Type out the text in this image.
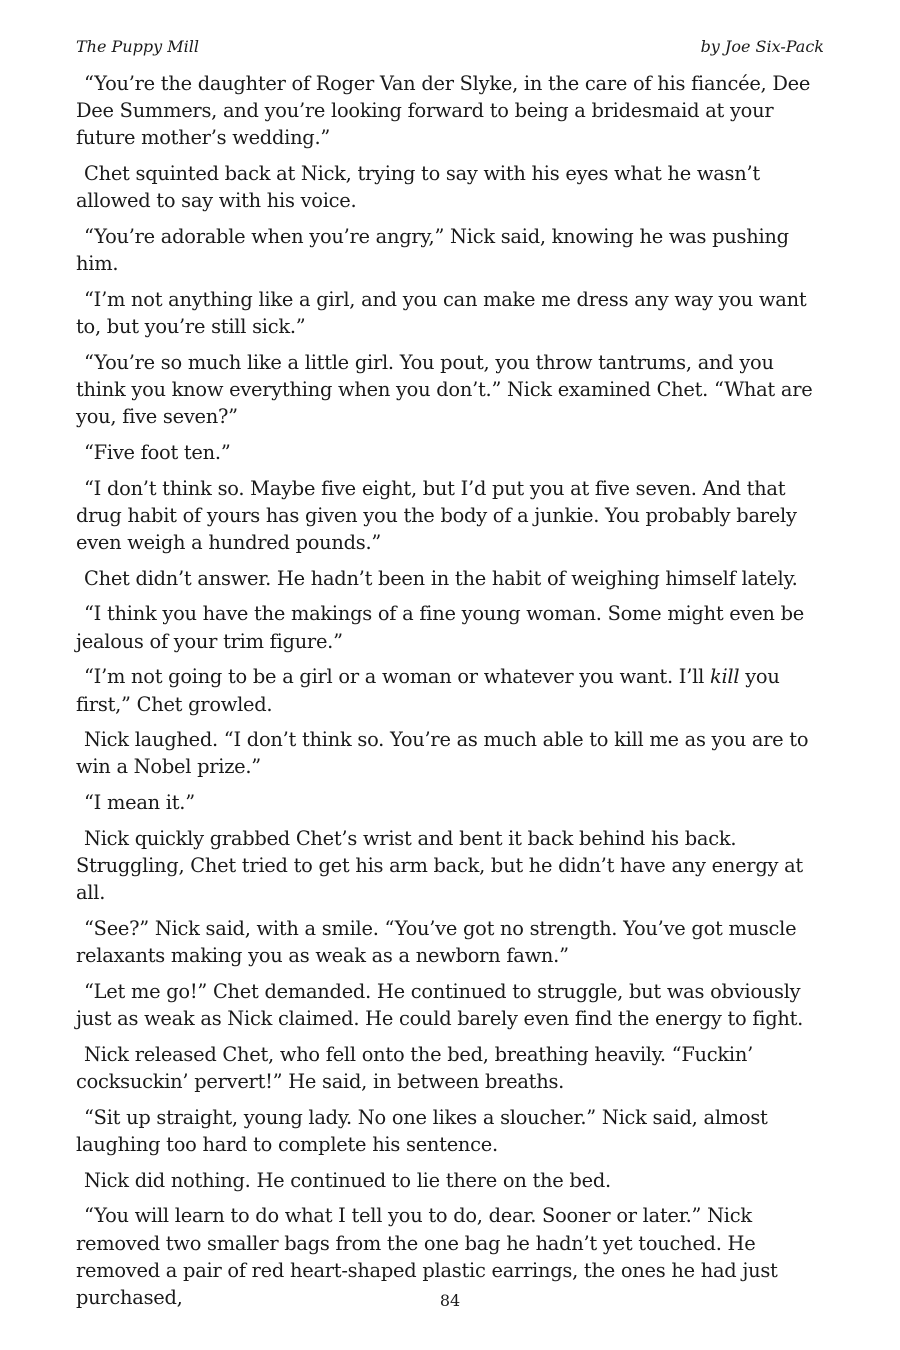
The Puppy Mill	by Joe Six-Pack

“You’re the daughter of Roger Van der Slyke, in the care of his fiancée, Dee Dee Summers, and you’re looking forward to being a bridesmaid at your future mother’s wedding.”

Chet squinted back at Nick, trying to say with his eyes what he wasn’t allowed to say with his voice.

“You’re adorable when you’re angry,” Nick said, knowing he was pushing him.

“I’m not anything like a girl, and you can make me dress any way you want to, but you’re still sick.”

“You’re so much like a little girl. You pout, you throw tantrums, and you think you know everything when you don’t.” Nick examined Chet. “What are you, five seven?”

“Five foot ten.”

“I don’t think so. Maybe five eight, but I’d put you at five seven. And that drug habit of yours has given you the body of a junkie. You probably barely even weigh a hundred pounds.”

Chet didn’t answer. He hadn’t been in the habit of weighing himself lately.

“I think you have the makings of a fine young woman. Some might even be jealous of your trim figure.”

“I’m not going to be a girl or a woman or whatever you want. I’ll kill you first,” Chet growled.

Nick laughed. “I don’t think so. You’re as much able to kill me as you are to win a Nobel prize.”

“I mean it.”

Nick quickly grabbed Chet’s wrist and bent it back behind his back. Struggling, Chet tried to get his arm back, but he didn’t have any energy at all.

“See?” Nick said, with a smile. “You’ve got no strength. You’ve got muscle relaxants making you as weak as a newborn fawn.”

“Let me go!” Chet demanded. He continued to struggle, but was obviously just as weak as Nick claimed. He could barely even find the energy to fight.

Nick released Chet, who fell onto the bed, breathing heavily. “Fuckin’ cocksuckin’ pervert!” He said, in between breaths.

“Sit up straight, young lady. No one likes a sloucher.” Nick said, almost laughing too hard to complete his sentence.

Nick did nothing. He continued to lie there on the bed.

“You will learn to do what I tell you to do, dear. Sooner or later.” Nick removed two smaller bags from the one bag he hadn’t yet touched. He removed a pair of red heart-shaped plastic earrings, the ones he had just purchased,	84
